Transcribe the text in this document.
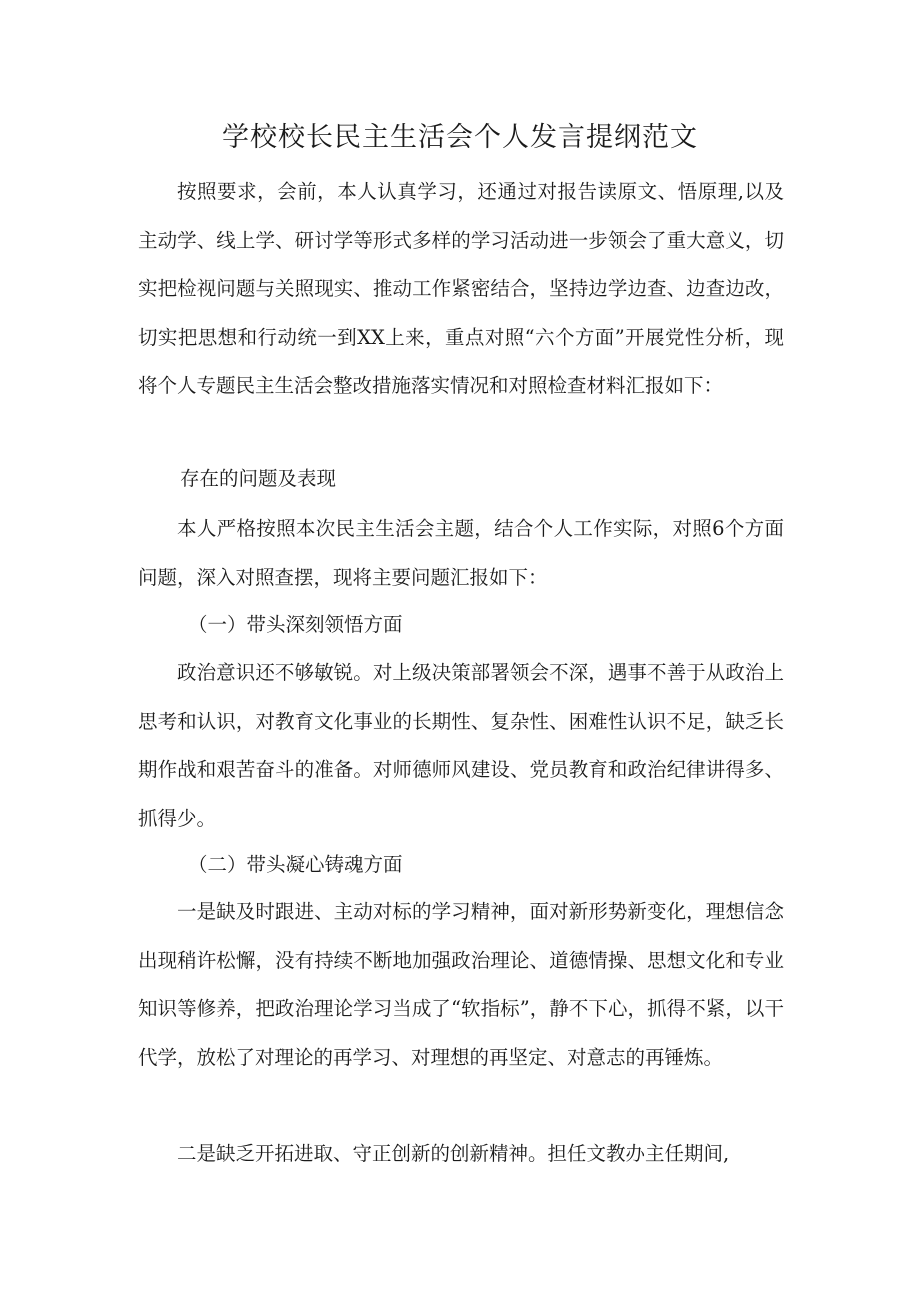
学校校长民主生活会个人发言提纲范文

按照要求，会前，本人认真学习，还通过对报告读原文、悟原理,以及主动学、线上学、研讨学等形式多样的学习活动进一步领会了重大意义，切实把检视问题与关照现实、推动工作紧密结合，坚持边学边查、边查边改，切实把思想和行动统一到XX上来，重点对照“六个方面”开展党性分析，现将个人专题民主生活会整改措施落实情况和对照检查材料汇报如下：

存在的问题及表现

本人严格按照本次民主生活会主题，结合个人工作实际，对照6个方面问题，深入对照查摆，现将主要问题汇报如下：

（一）带头深刻领悟方面

政治意识还不够敏锐。对上级决策部署领会不深，遇事不善于从政治上思考和认识，对教育文化事业的长期性、复杂性、困难性认识不足，缺乏长期作战和艰苦奋斗的准备。对师德师风建设、党员教育和政治纪律讲得多、抓得少。

（二）带头凝心铸魂方面

一是缺及时跟进、主动对标的学习精神，面对新形势新变化，理想信念出现稍许松懈，没有持续不断地加强政治理论、道德情操、思想文化和专业知识等修养，把政治理论学习当成了“软指标”，静不下心，抓得不紧，以干代学，放松了对理论的再学习、对理想的再坚定、对意志的再锤炼。

二是缺乏开拓进取、守正创新的创新精神。担任文教办主任期间,
